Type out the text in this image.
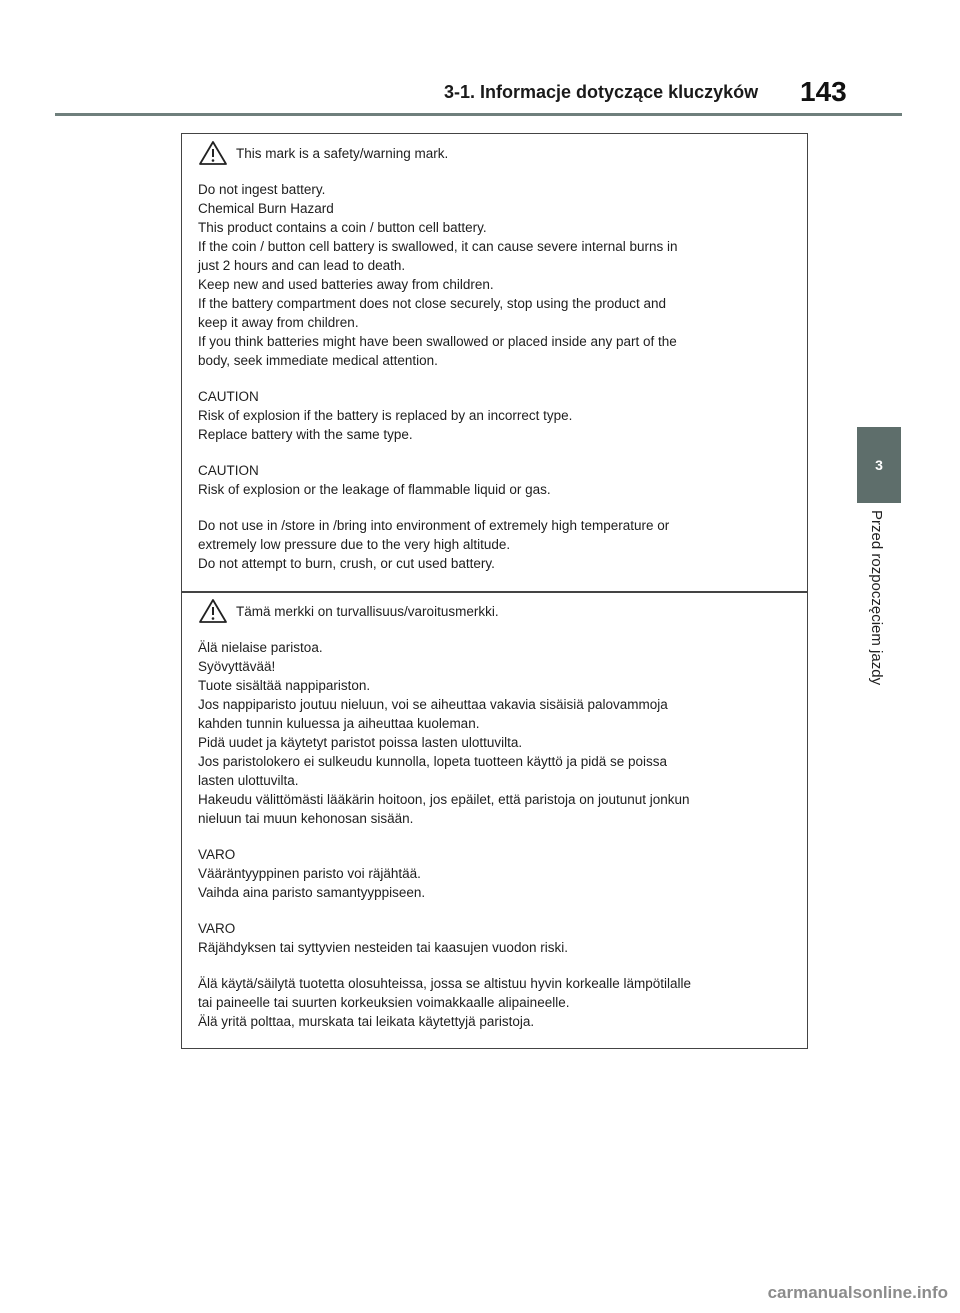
3-1. Informacje dotyczące kluczyków 143
3
Przed rozpoczęciem jazdy
This mark is a safety/warning mark.

Do not ingest battery.

Chemical Burn Hazard

This product contains a coin / button cell battery.

If the coin / button cell battery is swallowed, it can cause severe internal burns in

just 2 hours and can lead to death.

Keep new and used batteries away from children.

If the battery compartment does not close securely, stop using the product and

keep it away from children.

If you think batteries might have been swallowed or placed inside any part of the

body, seek immediate medical attention.

CAUTION

Risk of explosion if the battery is replaced by an incorrect type.

Replace battery with the same type.

CAUTION

Risk of explosion or the leakage of flammable liquid or gas.

Do not use in /store in /bring into environment of extremely high temperature or

extremely low pressure due to the very high altitude.

Do not attempt to burn, crush, or cut used battery.

Tämä merkki on turvallisuus/varoitusmerkki.

Älä nielaise paristoa.

Syövyttävää!

Tuote sisältää nappipariston.

Jos nappiparisto joutuu nieluun, voi se aiheuttaa vakavia sisäisiä palovammoja

kahden tunnin kuluessa ja aiheuttaa kuoleman.

Pidä uudet ja käytetyt paristot poissa lasten ulottuvilta.

Jos paristolokero ei sulkeudu kunnolla, lopeta tuotteen käyttö ja pidä se poissa

lasten ulottuvilta.

Hakeudu välittömästi lääkärin hoitoon, jos epäilet, että paristoja on joutunut jonkun

nieluun tai muun kehonosan sisään.

VARO

Vääräntyyppinen paristo voi räjähtää.

Vaihda aina paristo samantyyppiseen.

VARO

Räjähdyksen tai syttyvien nesteiden tai kaasujen vuodon riski.

Älä käytä/säilytä tuotetta olosuhteissa, jossa se altistuu hyvin korkealle lämpötilalle

tai paineelle tai suurten korkeuksien voimakkaalle alipaineelle.

Älä yritä polttaa, murskata tai leikata käytettyjä paristoja.

carmanualsonline.info
